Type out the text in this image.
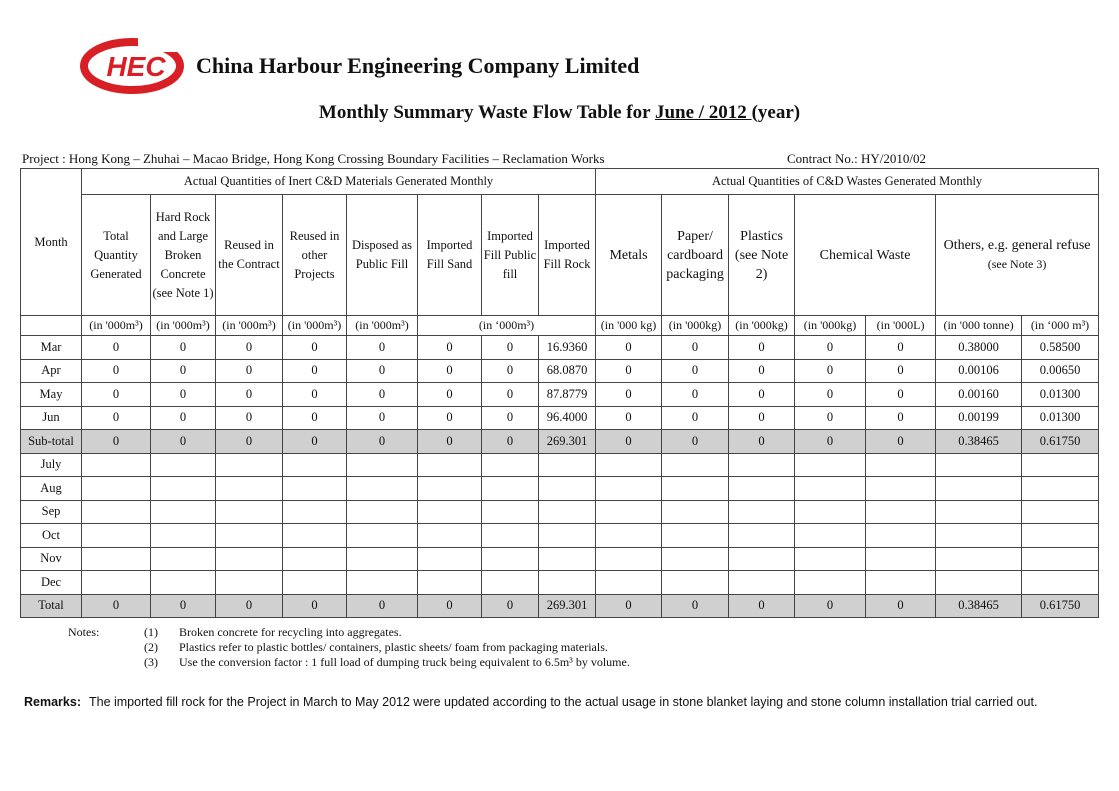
HEC China Harbour Engineering Company Limited
Monthly Summary Waste Flow Table for June / 2012 (year)
Project : Hong Kong – Zhuhai – Macao Bridge, Hong Kong Crossing Boundary Facilities – Reclamation Works	Contract No.: HY/2010/02
Month	Actual Quantities of Inert C&D Materials Generated Monthly								Actual Quantities of C&D Wastes Generated Monthly						
	Total Quantity Generated	Hard Rock and Large Broken Concrete (see Note 1)	Reused in the Contract	Reused in other Projects	Disposed as Public Fill	Imported Fill Sand	Imported Fill Public fill	Imported Fill Rock	Metals	Paper/ cardboard packaging	Plastics (see Note 2)	Chemical Waste		Others, e.g. general refuse
(see Note 3)	

	(in '000m³)	(in '000m³)	(in '000m³)	(in '000m³)	(in '000m³)	(in ‘000m³)			(in '000 kg)	(in '000kg)	(in '000kg)	(in '000kg)	(in '000L)	(in '000 tonne)	(in ‘000 m³)
Mar	0	0	0	0	0	0	0	16.9360	0	0	0	0	0	0.38000	0.58500
Apr	0	0	0	0	0	0	0	68.0870	0	0	0	0	0	0.00106	0.00650
May	0	0	0	0	0	0	0	87.8779	0	0	0	0	0	0.00160	0.01300
Jun	0	0	0	0	0	0	0	96.4000	0	0	0	0	0	0.00199	0.01300
Sub-total	0	0	0	0	0	0	0	269.301	0	0	0	0	0	0.38465	0.61750
July															
Aug															
Sep															
Oct															
Nov															
Dec															
Total	0	0	0	0	0	0	0	269.301	0	0	0	0	0	0.38465	0.61750
Notes:	(1)	Broken concrete for recycling into aggregates.
(2)	Plastics refer to plastic bottles/ containers, plastic sheets/ foam from packaging materials.
(3)	Use the conversion factor : 1 full load of dumping truck being equivalent to 6.5m³ by volume.
Remarks: The imported fill rock for the Project in March to May 2012 were updated according to the actual usage in stone blanket laying and stone column installation trial carried out.
